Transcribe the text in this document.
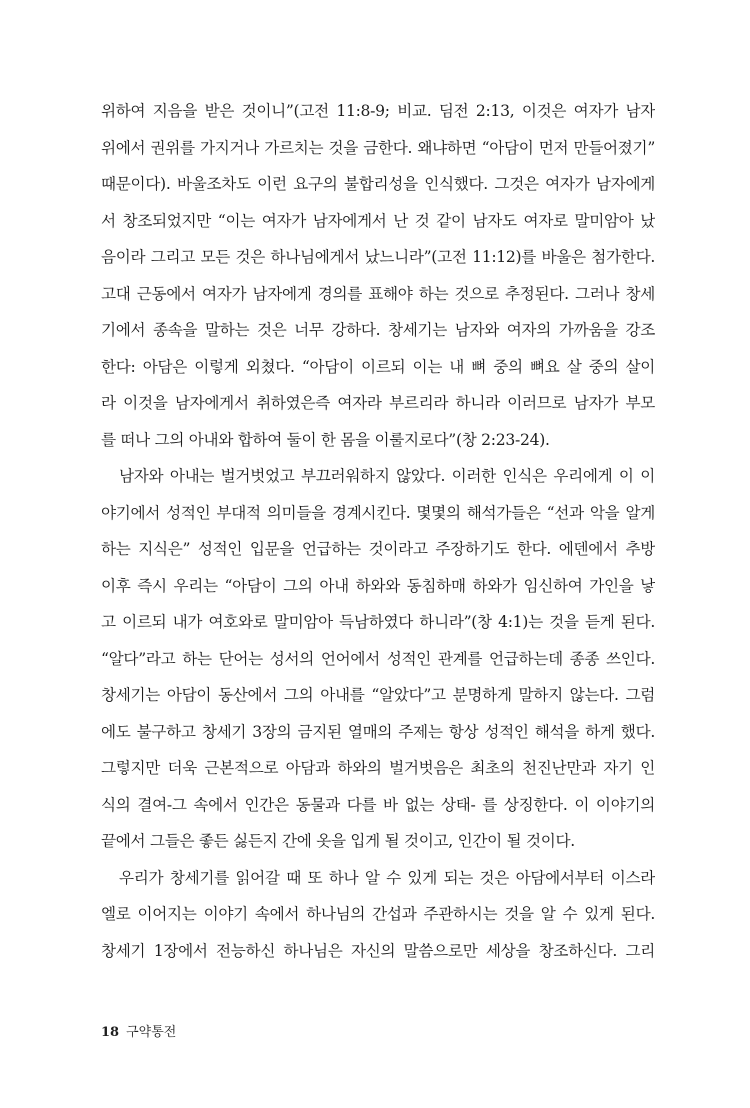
위하여 지음을 받은 것이니”(고전 11:8-9; 비교. 딤전 2:13, 이것은 여자가 남자
위에서 권위를 가지거나 가르치는 것을 금한다. 왜냐하면 “아담이 먼저 만들어졌기”
때문이다). 바울조차도 이런 요구의 불합리성을 인식했다. 그것은 여자가 남자에게
서 창조되었지만 “이는 여자가 남자에게서 난 것 같이 남자도 여자로 말미암아 났
음이라 그리고 모든 것은 하나님에게서 났느니라”(고전 11:12)를 바울은 첨가한다.
고대 근동에서 여자가 남자에게 경의를 표해야 하는 것으로 추정된다. 그러나 창세
기에서 종속을 말하는 것은 너무 강하다. 창세기는 남자와 여자의 가까움을 강조
한다: 아담은 이렇게 외쳤다. “아담이 이르되 이는 내 뼈 중의 뼈요 살 중의 살이
라 이것을 남자에게서 취하였은즉 여자라 부르리라 하니라 이러므로 남자가 부모
를 떠나 그의 아내와 합하여 둘이 한 몸을 이룰지로다”(창 2:23-24).
남자와 아내는 벌거벗었고 부끄러워하지 않았다. 이러한 인식은 우리에게 이 이
야기에서 성적인 부대적 의미들을 경계시킨다. 몇몇의 해석가들은 “선과 악을 알게
하는 지식은” 성적인 입문을 언급하는 것이라고 주장하기도 한다. 에덴에서 추방
이후 즉시 우리는 “아담이 그의 아내 하와와 동침하매 하와가 임신하여 가인을 낳
고 이르되 내가 여호와로 말미암아 득남하였다 하니라”(창 4:1)는 것을 듣게 된다.
“알다”라고 하는 단어는 성서의 언어에서 성적인 관계를 언급하는데 종종 쓰인다.
창세기는 아담이 동산에서 그의 아내를 “알았다”고 분명하게 말하지 않는다. 그럼
에도 불구하고 창세기 3장의 금지된 열매의 주제는 항상 성적인 해석을 하게 했다.
그렇지만 더욱 근본적으로 아담과 하와의 벌거벗음은 최초의 천진난만과 자기 인
식의 결여-그 속에서 인간은 동물과 다를 바 없는 상태- 를 상징한다. 이 이야기의
끝에서 그들은 좋든 싫든지 간에 옷을 입게 될 것이고, 인간이 될 것이다.
우리가 창세기를 읽어갈 때 또 하나 알 수 있게 되는 것은 아담에서부터 이스라
엘로 이어지는 이야기 속에서 하나님의 간섭과 주관하시는 것을 알 수 있게 된다.
창세기 1장에서 전능하신 하나님은 자신의 말씀으로만 세상을 창조하신다. 그리
18 구약통전
